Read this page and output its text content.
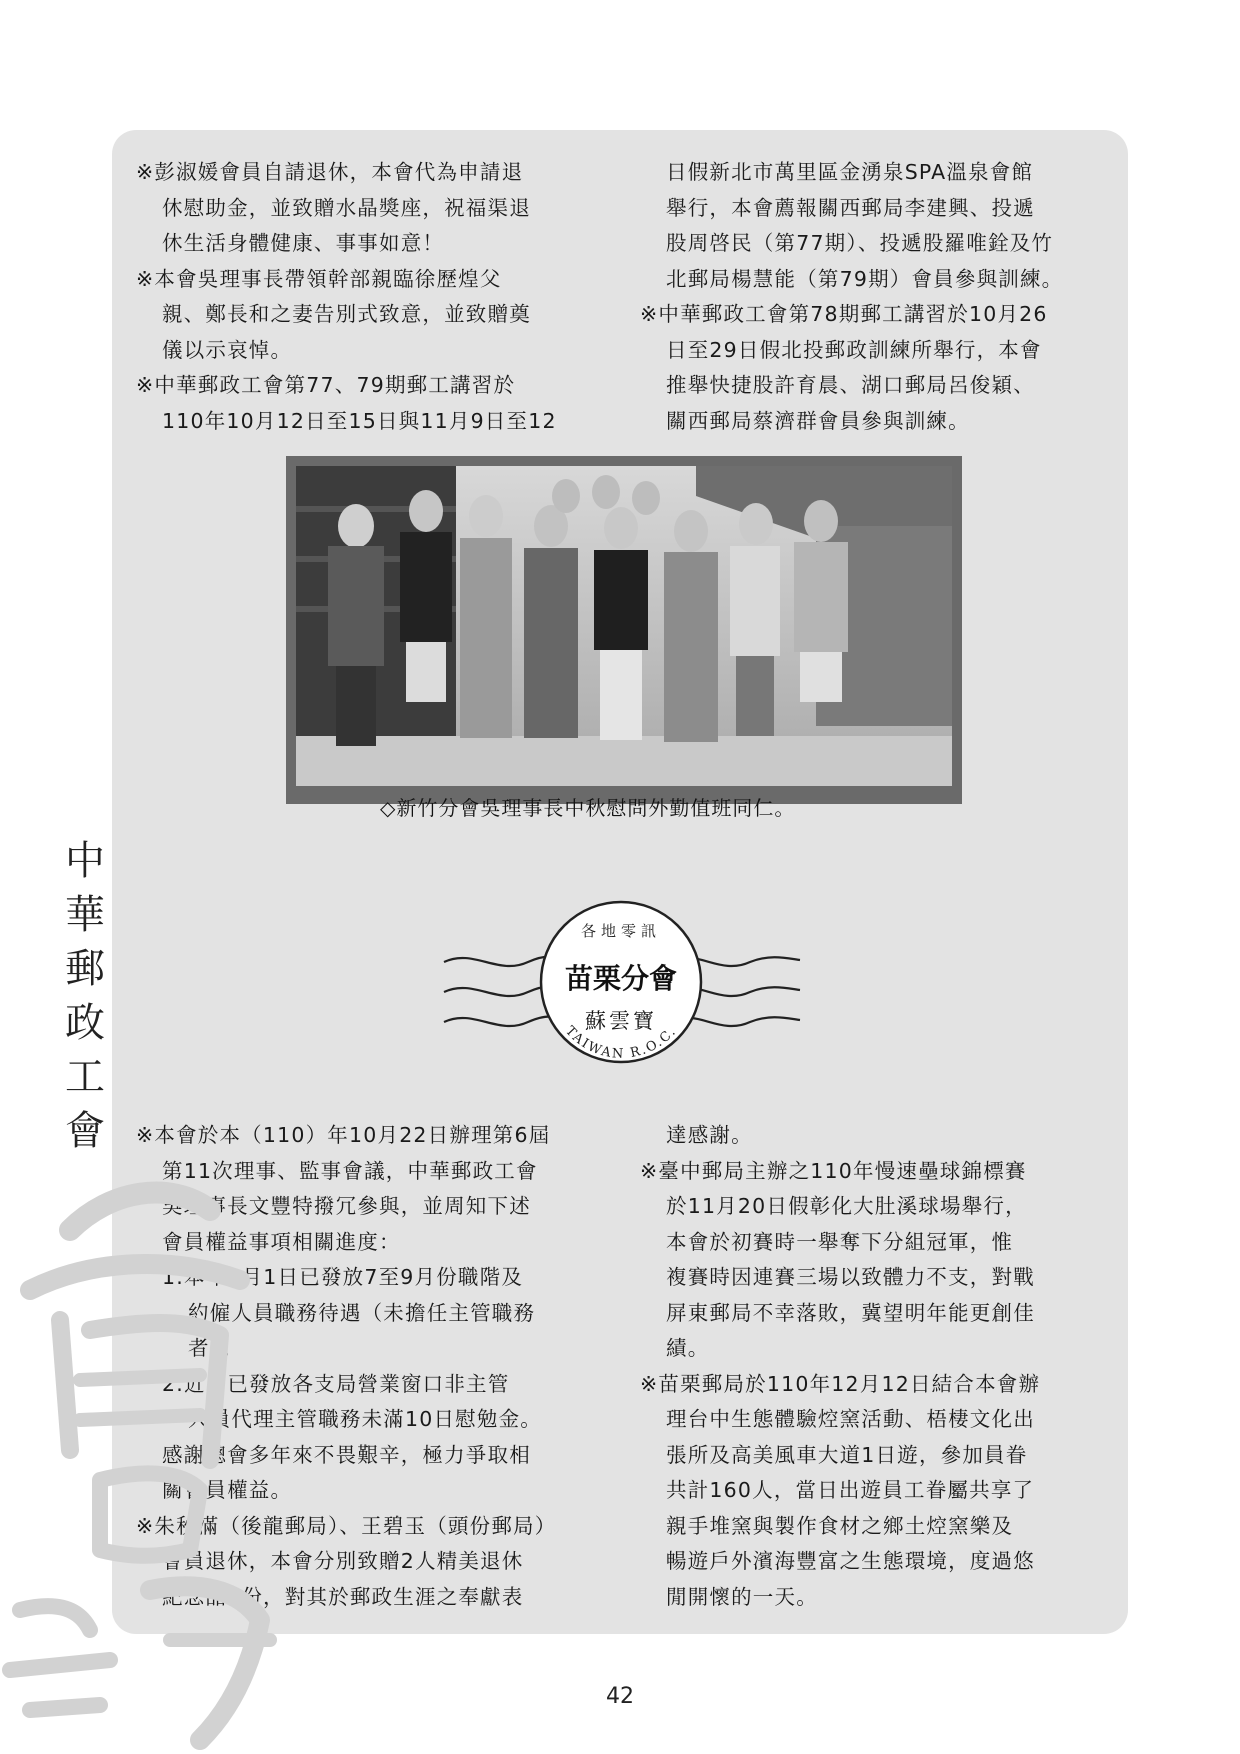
※彭淑媛會員自請退休，本會代為申請退

休慰助金，並致贈水晶獎座，祝福渠退

休生活身體健康、事事如意！

※本會吳理事長帶領幹部親臨徐歷煌父

親、鄭長和之妻告別式致意，並致贈奠

儀以示哀悼。

※中華郵政工會第77、79期郵工講習於

110年10月12日至15日與11月9日至12

日假新北市萬里區金湧泉SPA溫泉會館

舉行，本會薦報關西郵局李建興、投遞

股周啓民（第77期）、投遞股羅唯銓及竹

北郵局楊慧能（第79期）會員參與訓練。

※中華郵政工會第78期郵工講習於10月26

日至29日假北投郵政訓練所舉行，本會

推舉快捷股許育晨、湖口郵局呂俊穎、

關西郵局蔡濟群會員參與訓練。

◇新竹分會吳理事長中秋慰問外勤值班同仁。
各地零訊
苗栗分會
蘇雲寶
TAIWAN R.O.C.

※本會於本（110）年10月22日辦理第6屆

第11次理事、監事會議，中華郵政工會

吳理事長文豐特撥冗參與，並周知下述

會員權益事項相關進度：

1.本年9月1日已發放7至9月份職階及

約僱人員職務待遇（未擔任主管職務

者）。

2.近日已發放各支局營業窗口非主管

人員代理主管職務未滿10日慰勉金。

感謝總會多年來不畏艱辛，極力爭取相

關會員權益。

※朱秋滿（後龍郵局）、王碧玉（頭份郵局）

會員退休，本會分別致贈2人精美退休

紀念品1份，對其於郵政生涯之奉獻表

達感謝。

※臺中郵局主辦之110年慢速壘球錦標賽

於11月20日假彰化大肚溪球場舉行，

本會於初賽時一舉奪下分組冠軍，惟

複賽時因連賽三場以致體力不支，對戰

屏東郵局不幸落敗，冀望明年能更創佳

績。

※苗栗郵局於110年12月12日結合本會辦

理台中生態體驗焢窯活動、梧棲文化出

張所及高美風車大道1日遊，參加員眷

共計160人，當日出遊員工眷屬共享了

親手堆窯與製作食材之鄉土焢窯樂及

暢遊戶外濱海豐富之生態環境，度過悠

閒開懷的一天。

中
華
郵
政
工
會
42
